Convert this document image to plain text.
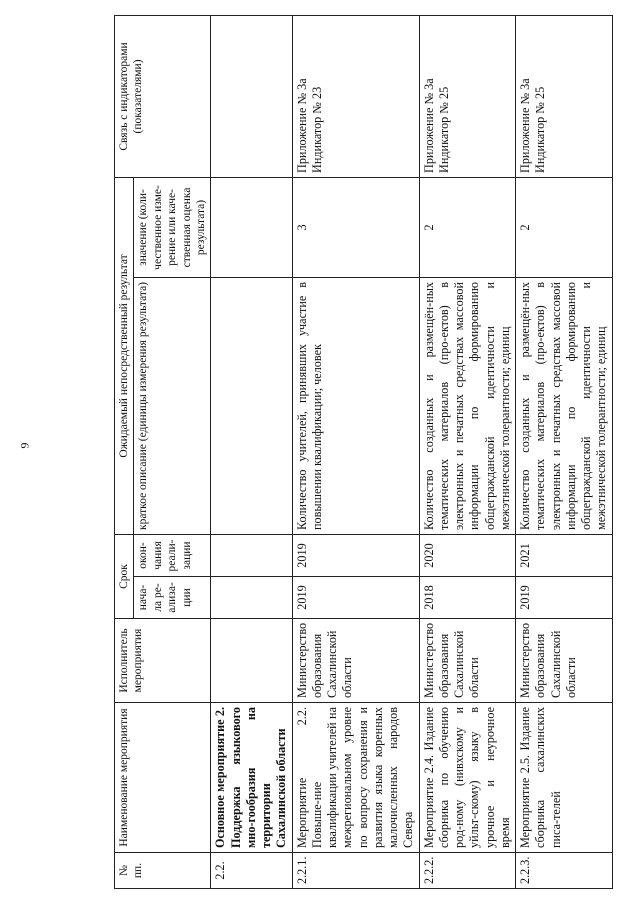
9
№ пп.	Наименование мероприятия	Исполнитель мероприятия	Срок		Ожидаемый непосредственный результат		Связь с индикаторами (показателями)
			нача-ла ре-ализа-ции	окон-чания реали-зации	краткое описание (единицы измерения результата)	значение (коли-чественное изме-рение или каче-ственная оценка результата)	
2.2.	Основное мероприятие 2. Поддержка языкового мно-гообразия на территории Сахалинской области						
2.2.1.	Мероприятие 2.2. Повыше-ние квалификации учителей на межрегиональном уровне по вопросу сохранения и развития языка коренных малочисленных народов Севера	Министерство образования Сахалинской области	2019	2019	Количество учителей, принявших участие в повышении квалификации; человек	3	Приложение № 3а Индикатор № 23
2.2.2.	Мероприятие 2.4. Издание сборника по обучению род-ному (нивхскому и уйльт-скому) языку в урочное и неурочное время	Министерство образования Сахалинской области	2018	2020	Количество созданных и размещён-ных тематических материалов (про-ектов) в электронных и печатных средствах массовой информации по формированию общегражданской идентичности и межэтнической толерантности; единиц	2	Приложение № 3а Индикатор № 25
2.2.3.	Мероприятие 2.5. Издание сборника сахалинских писа-телей	Министерство образования Сахалинской области	2019	2021	Количество созданных и размещён-ных тематических материалов (про-ектов) в электронных и печатных средствах массовой информации по формированию общегражданской идентичности и межэтнической толерантности; единиц	2	Приложение № 3а Индикатор № 25
